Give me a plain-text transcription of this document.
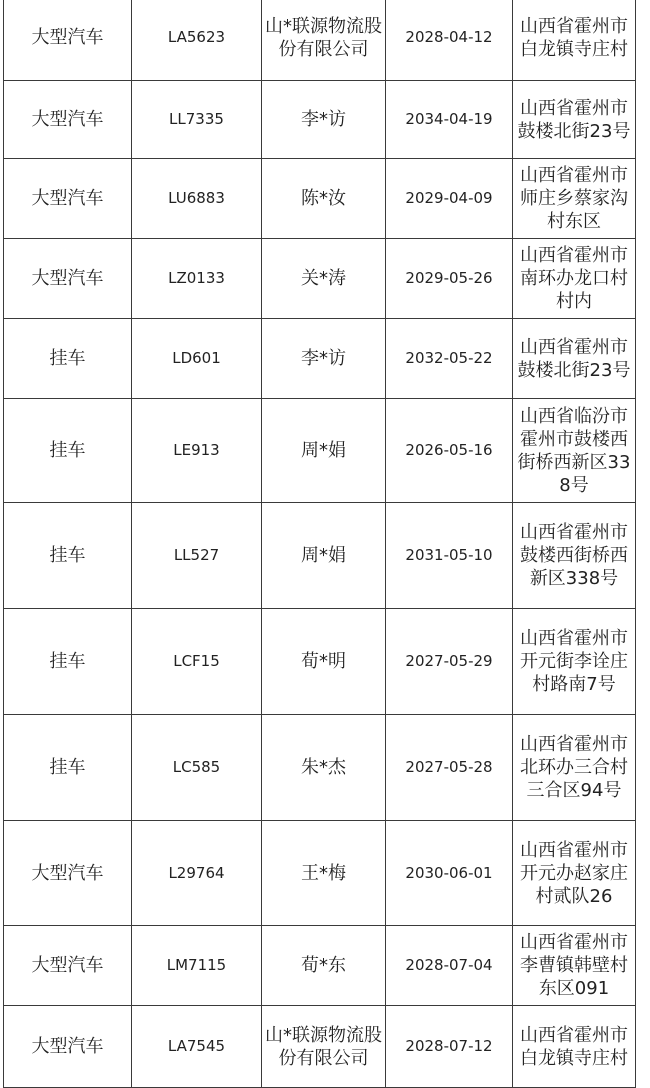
大型汽车	LA5623	山*联源物流股份有限公司	2028-04-12	山西省霍州市白龙镇寺庄村
大型汽车	LL7335	李*访	2034-04-19	山西省霍州市鼓楼北街23号
大型汽车	LU6883	陈*汝	2029-04-09	山西省霍州市师庄乡蔡家沟村东区
大型汽车	LZ0133	关*涛	2029-05-26	山西省霍州市南环办龙口村村内
挂车	LD601	李*访	2032-05-22	山西省霍州市鼓楼北街23号
挂车	LE913	周*娟	2026-05-16	山西省临汾市霍州市鼓楼西街桥西新区338号
挂车	LL527	周*娟	2031-05-10	山西省霍州市鼓楼西街桥西新区338号
挂车	LCF15	荀*明	2027-05-29	山西省霍州市开元街李诠庄村路南7号
挂车	LC585	朱*杰	2027-05-28	山西省霍州市北环办三合村三合区94号
大型汽车	L29764	王*梅	2030-06-01	山西省霍州市开元办赵家庄村贰队26
大型汽车	LM7115	荀*东	2028-07-04	山西省霍州市李曹镇韩壁村东区091
大型汽车	LA7545	山*联源物流股份有限公司	2028-07-12	山西省霍州市白龙镇寺庄村
